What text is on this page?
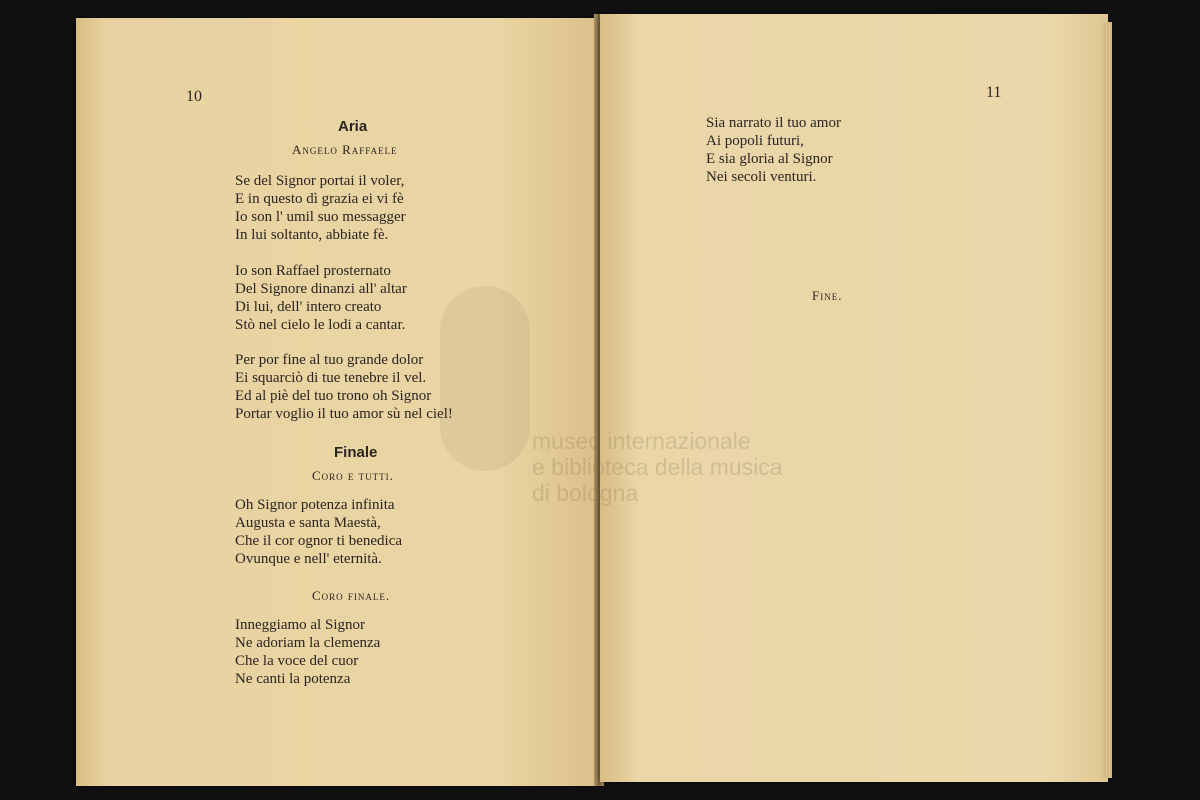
10
Aria
Angelo Raffaele
Se del Signor portai il voler,
E in questo dì grazia ei vi fè
Io son l' umil suo messagger
In lui soltanto, abbiate fè.
Io son Raffael prosternato
Del Signore dinanzi all' altar
Di lui, dell' intero creato
Stò nel cielo le lodi a cantar.
Per por fine al tuo grande dolor
Ei squarciò di tue tenebre il vel.
Ed al piè del tuo trono oh Signor
Portar voglio il tuo amor sù nel ciel!
Finale
Coro e tutti.
Oh Signor potenza infinita
Augusta e santa Maestà,
Che il cor ognor ti benedica
Ovunque e nell' eternità.
Coro finale.
Inneggiamo al Signor
Ne adoriam la clemenza
Che la voce del cuor
Ne canti la potenza
11
Sia narrato il tuo amor
Ai popoli futuri,
E sia gloria al Signor
Nei secoli venturi.
Fine.
museo internazionale
e biblioteca della musica
di bologna
